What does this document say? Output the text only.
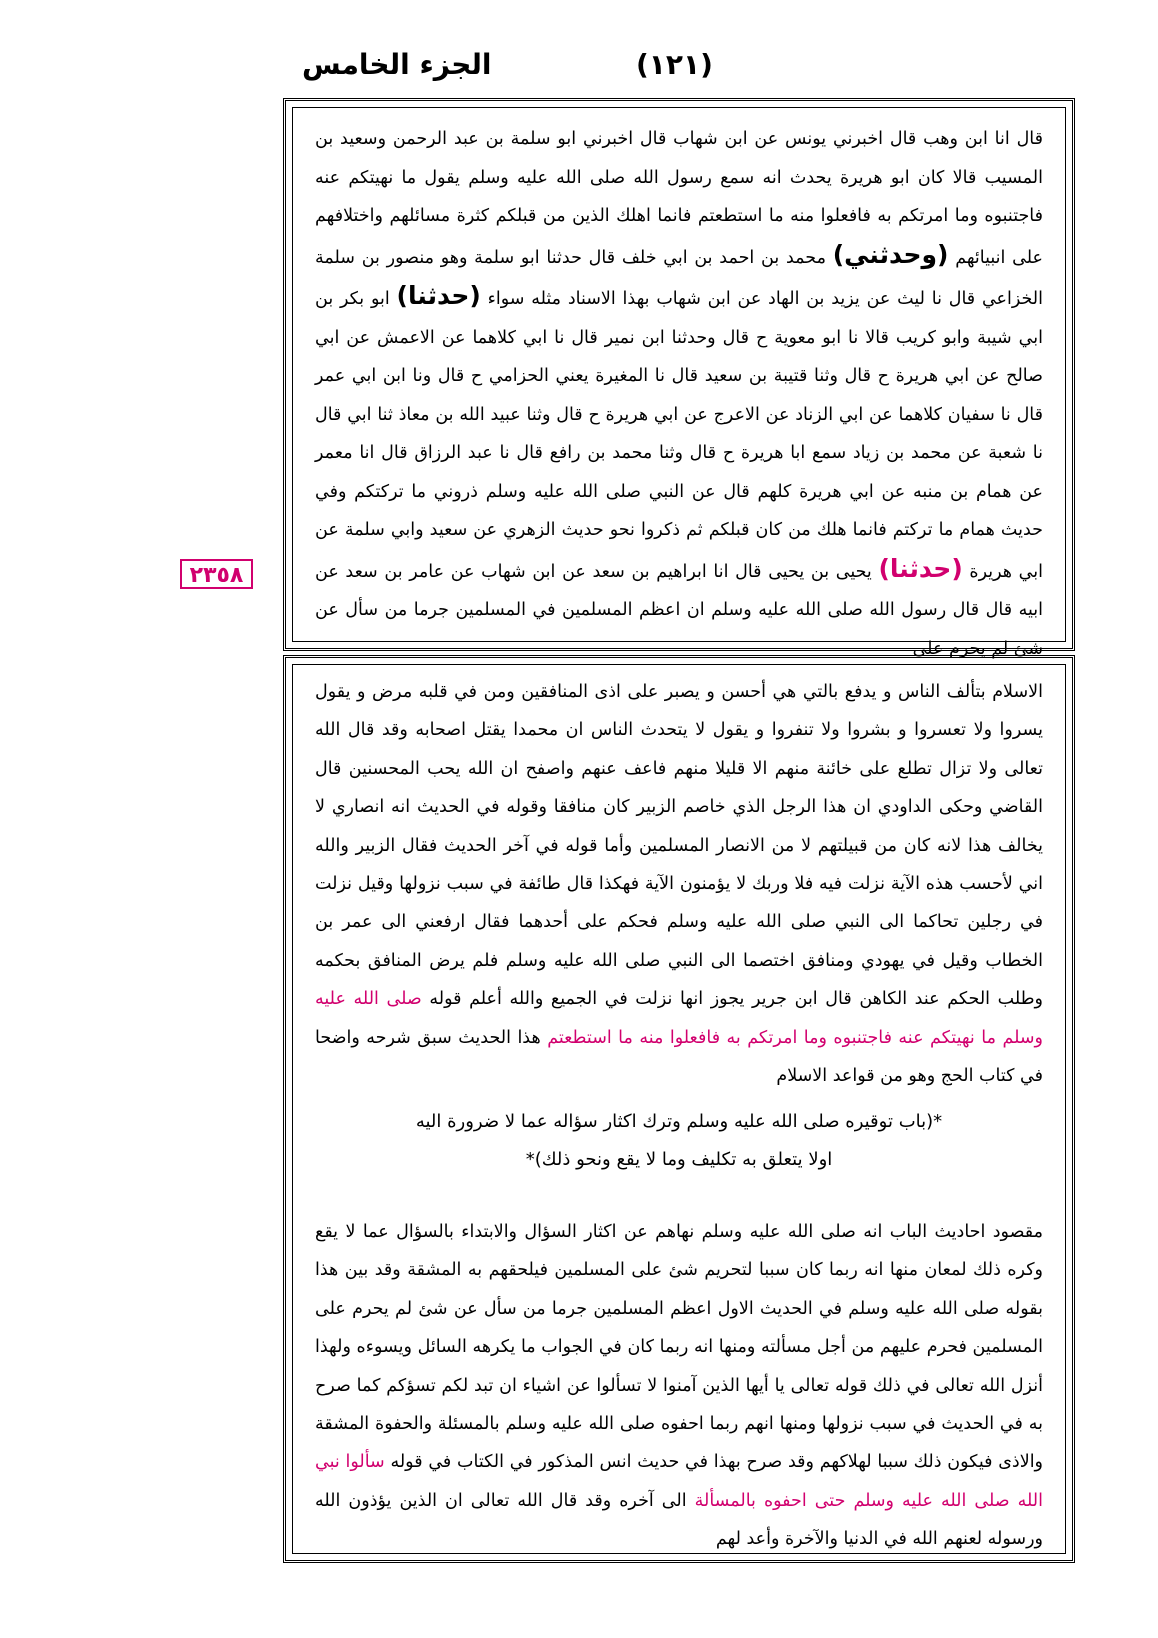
الجزء الخامس	(١٢١)
٢٣٥٨
قال انا ابن وهب قال اخبرني يونس عن ابن شهاب قال اخبرني ابو سلمة بن عبد الرحمن وسعيد بن المسيب قالا كان ابو هريرة يحدث انه سمع رسول الله صلى الله عليه وسلم يقول ما نهيتكم عنه فاجتنبوه وما امرتكم به فافعلوا منه ما استطعتم فانما اهلك الذين من قبلكم كثرة مسائلهم واختلافهم على انبيائهم (وحدثني) محمد بن احمد بن ابي خلف قال حدثنا ابو سلمة وهو منصور بن سلمة الخزاعي قال نا ليث عن يزيد بن الهاد عن ابن شهاب بهذا الاسناد مثله سواء (حدثنا) ابو بكر بن ابي شيبة وابو كريب قالا نا ابو معوية ح قال وحدثنا ابن نمير قال نا ابي كلاهما عن الاعمش عن ابي صالح عن ابي هريرة ح قال وثنا قتيبة بن سعيد قال نا المغيرة يعني الحزامي ح قال ونا ابن ابي عمر قال نا سفيان كلاهما عن ابي الزناد عن الاعرج عن ابي هريرة ح قال وثنا عبيد الله بن معاذ ثنا ابي قال نا شعبة عن محمد بن زياد سمع ابا هريرة ح قال وثنا محمد بن رافع قال نا عبد الرزاق قال انا معمر عن همام بن منبه عن ابي هريرة كلهم قال عن النبي صلى الله عليه وسلم ذروني ما تركتكم وفي حديث همام ما تركتم فانما هلك من كان قبلكم ثم ذكروا نحو حديث الزهري عن سعيد وابي سلمة عن ابي هريرة (حدثنا) يحيى بن يحيى قال انا ابراهيم بن سعد عن ابن شهاب عن عامر بن سعد عن ابيه قال قال رسول الله صلى الله عليه وسلم ان اعظم المسلمين في المسلمين جرما من سأل عن شئ لم يحرم على
الاسلام بتألف الناس و يدفع بالتي هي أحسن و يصبر على اذى المنافقين ومن في قلبه مرض و يقول يسروا ولا تعسروا و بشروا ولا تنفروا و يقول لا يتحدث الناس ان محمدا يقتل اصحابه وقد قال الله تعالى ولا تزال تطلع على خائنة منهم الا قليلا منهم فاعف عنهم واصفح ان الله يحب المحسنين قال القاضي وحكى الداودي ان هذا الرجل الذي خاصم الزبير كان منافقا وقوله في الحديث انه انصاري لا يخالف هذا لانه كان من قبيلتهم لا من الانصار المسلمين وأما قوله في آخر الحديث فقال الزبير والله اني لأحسب هذه الآية نزلت فيه فلا وربك لا يؤمنون الآية فهكذا قال طائفة في سبب نزولها وقيل نزلت في رجلين تحاكما الى النبي صلى الله عليه وسلم فحكم على أحدهما فقال ارفعني الى عمر بن الخطاب وقيل في يهودي ومنافق اختصما الى النبي صلى الله عليه وسلم فلم يرض المنافق بحكمه وطلب الحكم عند الكاهن قال ابن جرير يجوز انها نزلت في الجميع والله أعلم قوله صلى الله عليه وسلم ما نهيتكم عنه فاجتنبوه وما امرتكم به فافعلوا منه ما استطعتم هذا الحديث سبق شرحه واضحا في كتاب الحج وهو من قواعد الاسلام

*(باب توقيره صلى الله عليه وسلم وترك اكثار سؤاله عما لا ضرورة اليه

اولا يتعلق به تكليف وما لا يقع ونحو ذلك)*

مقصود احاديث الباب انه صلى الله عليه وسلم نهاهم عن اكثار السؤال والابتداء بالسؤال عما لا يقع وكره ذلك لمعان منها انه ربما كان سببا لتحريم شئ على المسلمين فيلحقهم به المشقة وقد بين هذا بقوله صلى الله عليه وسلم في الحديث الاول اعظم المسلمين جرما من سأل عن شئ لم يحرم على المسلمين فحرم عليهم من أجل مسألته ومنها انه ربما كان في الجواب ما يكرهه السائل ويسوءه ولهذا أنزل الله تعالى في ذلك قوله تعالى يا أيها الذين آمنوا لا تسألوا عن اشياء ان تبد لكم تسؤكم كما صرح به في الحديث في سبب نزولها ومنها انهم ربما احفوه صلى الله عليه وسلم بالمسئلة والحفوة المشقة والاذى فيكون ذلك سببا لهلاكهم وقد صرح بهذا في حديث انس المذكور في الكتاب في قوله سألوا نبي الله صلى الله عليه وسلم حتى احفوه بالمسألة الى آخره وقد قال الله تعالى ان الذين يؤذون الله ورسوله لعنهم الله في الدنيا والآخرة وأعد لهم
